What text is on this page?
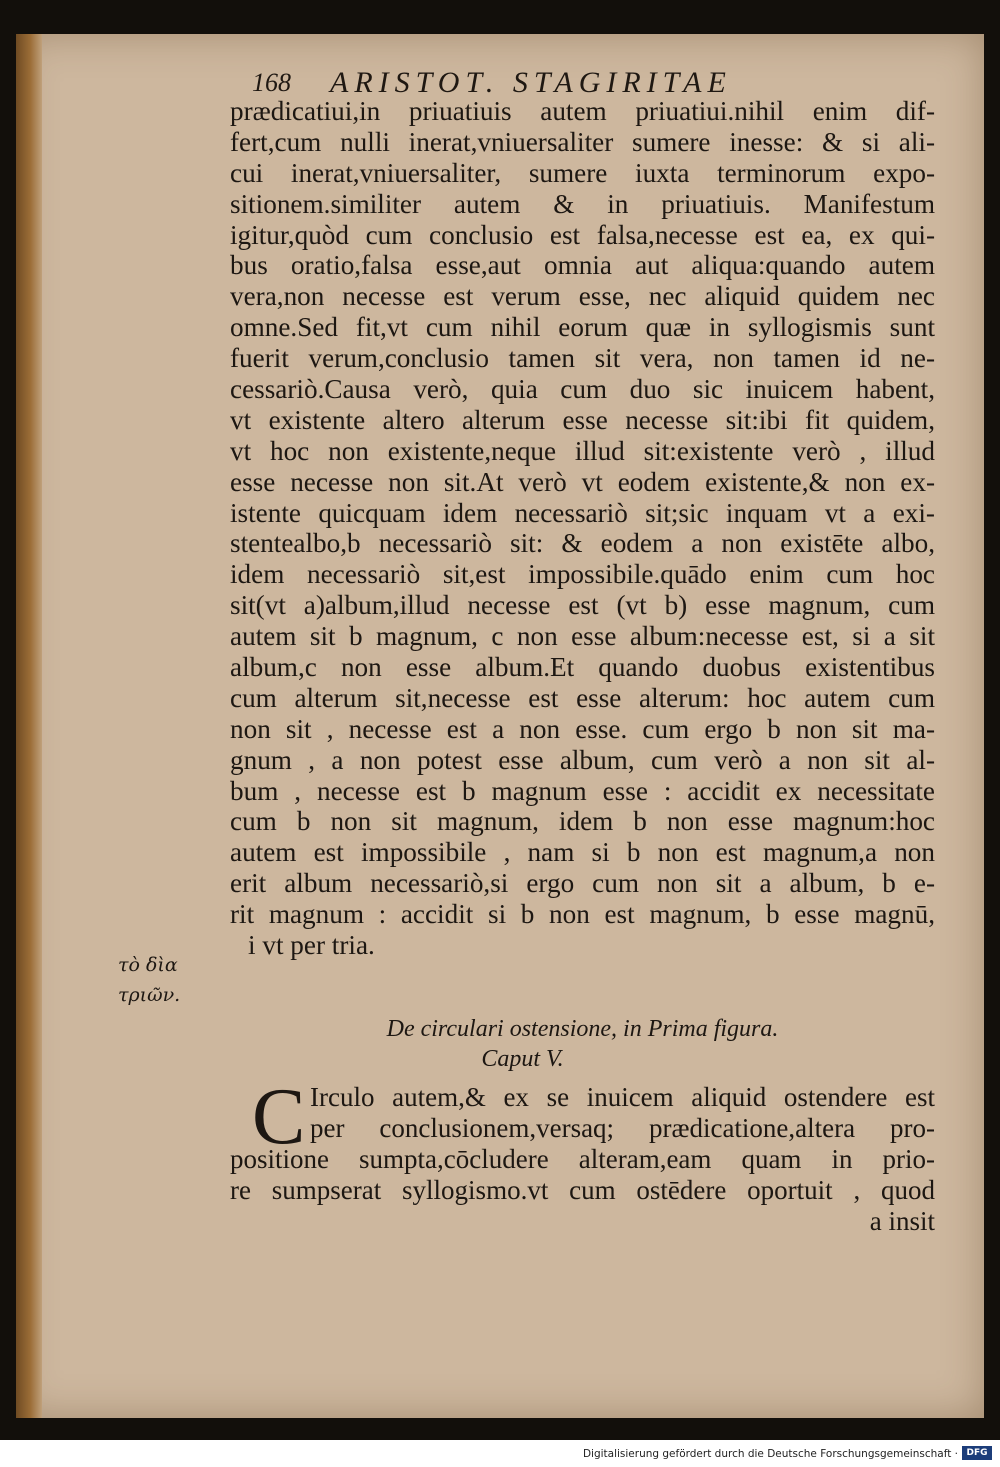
168 ARISTOT. STAGIRITAE
prædicatiui,in priuatiuis autem priuatiui.nihil enim dif-
fert,cum nulli inerat,vniuersaliter sumere inesse: & si ali-
cui inerat,vniuersaliter, sumere iuxta terminorum expo-
sitionem.similiter autem & in priuatiuis. Manifestum
igitur,quòd cum conclusio est falsa,necesse est ea, ex qui-
bus oratio,falsa esse,aut omnia aut aliqua:quando autem
vera,non necesse est verum esse, nec aliquid quidem nec
omne.Sed fit,vt cum nihil eorum quæ in syllogismis sunt
fuerit verum,conclusio tamen sit vera, non tamen id ne-
cessariò.Causa verò, quia cum duo sic inuicem habent,
vt existente altero alterum esse necesse sit:ibi fit quidem,
vt hoc non existente,neque illud sit:existente verò , illud
esse necesse non sit.At verò vt eodem existente,& non ex-
istente quicquam idem necessariò sit;sic inquam vt a exi-
stentealbo,b necessariò sit: & eodem a non existēte albo,
idem necessariò sit,est impossibile.quādo enim cum hoc
sit(vt a)album,illud necesse est (vt b) esse magnum, cum
autem sit b magnum, c non esse album:necesse est, si a sit
album,c non esse album.Et quando duobus existentibus
cum alterum sit,necesse est esse alterum: hoc autem cum
non sit , necesse est a non esse. cum ergo b non sit ma-
gnum , a non potest esse album, cum verò a non sit al-
bum , necesse est b magnum esse : accidit ex necessitate
cum b non sit magnum, idem b non esse magnum:hoc
autem est impossibile , nam si b non est magnum,a non
erit album necessariò,si ergo cum non sit a album, b e-
rit magnum : accidit si b non est magnum, b esse magnū,
i vt per tria.
τὸ δὶα
τριῶν.
De circulari ostensione, in Prima figura.
Caput V.
C Irculo autem,& ex se inuicem aliquid ostendere est
per conclusionem,versaq; prædicatione,altera pro-
positione sumpta,cōcludere alteram,eam quam in prio-
re sumpserat syllogismo.vt cum ostēdere oportuit , quod
a insit
Digitalisierung gefördert durch die Deutsche Forschungsgemeinschaft · DFG
